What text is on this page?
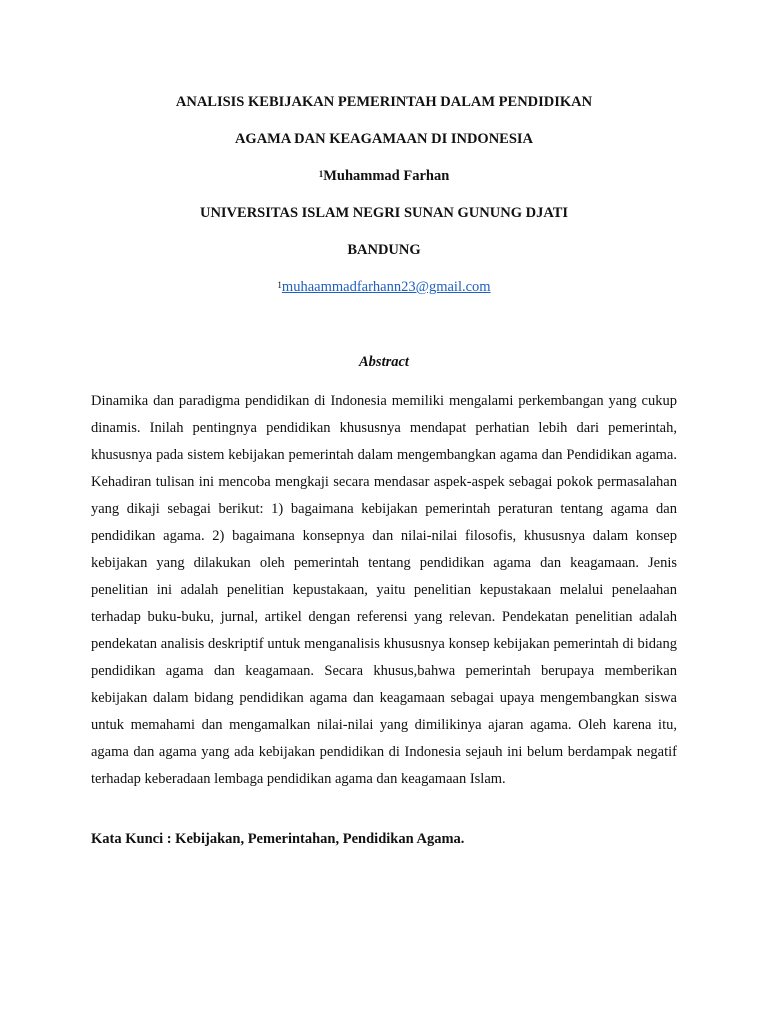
ANALISIS KEBIJAKAN PEMERINTAH DALAM PENDIDIKAN
AGAMA DAN KEAGAMAAN DI INDONESIA
$^1$Muhammad Farhan
UNIVERSITAS ISLAM NEGRI SUNAN GUNUNG DJATI
BANDUNG
$^1$muhaammadfarhann23@gmail.com
Abstract

Dinamika dan paradigma pendidikan di Indonesia memiliki mengalami perkembangan yang cukup dinamis. Inilah pentingnya pendidikan khususnya mendapat perhatian lebih dari pemerintah, khususnya pada sistem kebijakan pemerintah dalam mengembangkan agama dan Pendidikan agama. Kehadiran tulisan ini mencoba mengkaji secara mendasar aspek-aspek sebagai pokok permasalahan yang dikaji sebagai berikut: 1) bagaimana kebijakan pemerintah peraturan tentang agama dan pendidikan agama. 2) bagaimana konsepnya dan nilai-nilai filosofis, khususnya dalam konsep kebijakan yang dilakukan oleh pemerintah tentang pendidikan agama dan keagamaan. Jenis penelitian ini adalah penelitian kepustakaan, yaitu penelitian kepustakaan melalui penelaahan terhadap buku-buku, jurnal, artikel dengan referensi yang relevan. Pendekatan penelitian adalah pendekatan analisis deskriptif untuk menganalisis khususnya konsep kebijakan pemerintah di bidang pendidikan agama dan keagamaan. Secara khusus,bahwa pemerintah berupaya memberikan kebijakan dalam bidang pendidikan agama dan keagamaan sebagai upaya mengembangkan siswa untuk memahami dan mengamalkan nilai-nilai yang dimilikinya ajaran agama. Oleh karena itu, agama dan agama yang ada kebijakan pendidikan di Indonesia sejauh ini belum berdampak negatif terhadap keberadaan lembaga pendidikan agama dan keagamaan Islam.

Kata Kunci : Kebijakan, Pemerintahan, Pendidikan Agama.
